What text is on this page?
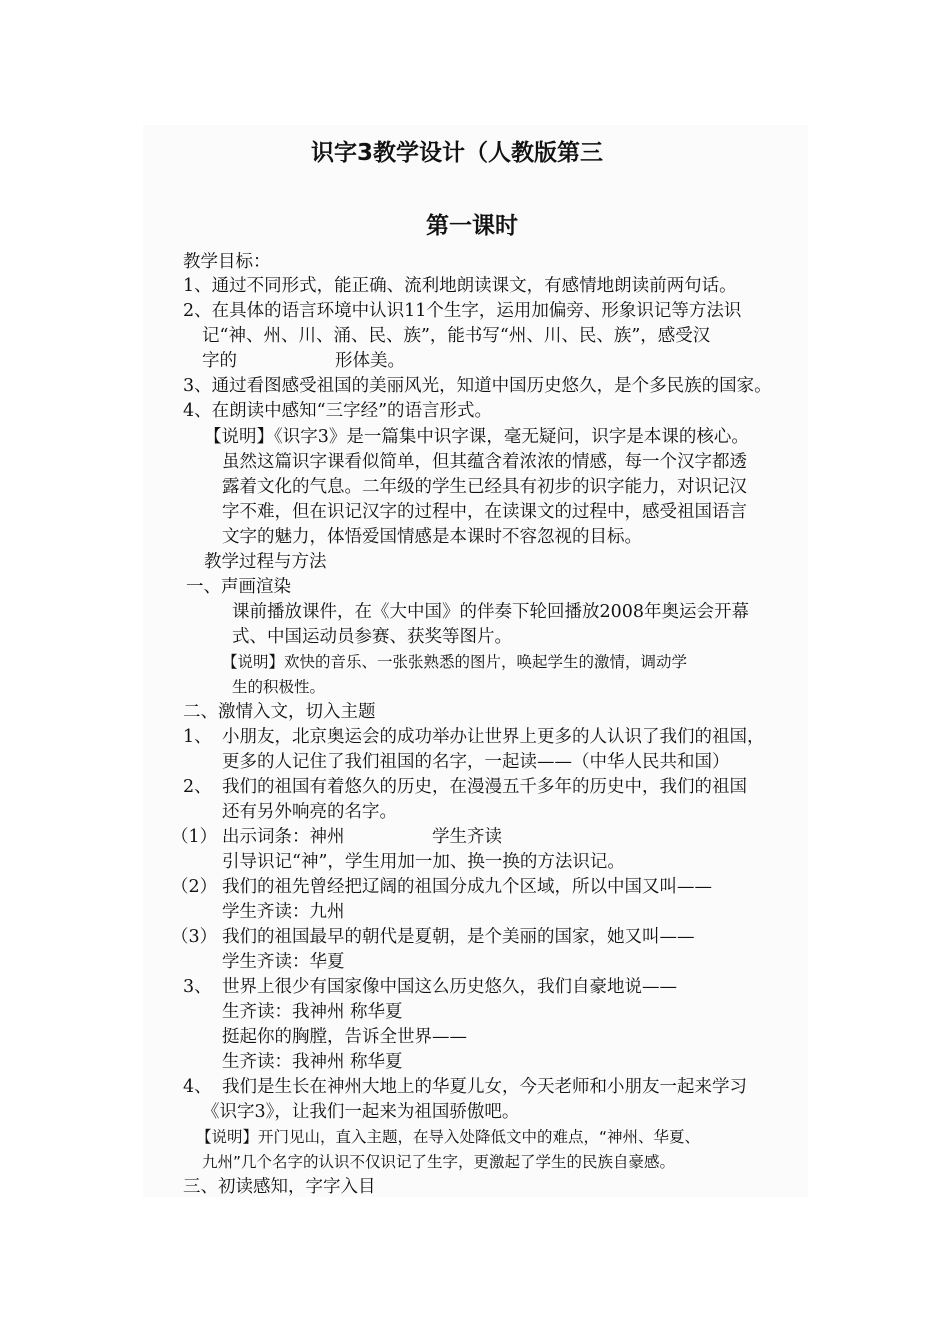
识字3教学设计（人教版第三
第一课时
教学目标：
1、通过不同形式，能正确、流利地朗读课文，有感情地朗读前两句话。
2、在具体的语言环境中认识11个生字，运用加偏旁、形象识记等方法识
记“神、州、川、涌、民、族”，能书写“州、川、民、族”，感受汉
字的	形体美。
3、通过看图感受祖国的美丽风光，知道中国历史悠久，是个多民族的国家。
4、在朗读中感知“三字经”的语言形式。
【说明】《识字3》是一篇集中识字课，毫无疑问，识字是本课的核心。
虽然这篇识字课看似简单，但其蕴含着浓浓的情感，每一个汉字都透
露着文化的气息。二年级的学生已经具有初步的识字能力，对识记汉
字不难，但在识记汉字的过程中，在读课文的过程中，感受祖国语言
文字的魅力，体悟爱国情感是本课时不容忽视的目标。
教学过程与方法
一、声画渲染
课前播放课件，在《大中国》的伴奏下轮回播放2008年奥运会开幕
式、中国运动员参赛、获奖等图片。
【说明】欢快的音乐、一张张熟悉的图片，唤起学生的激情，调动学
生的积极性。
二、激情入文，切入主题
1、 小朋友，北京奥运会的成功举办让世界上更多的人认识了我们的祖国，
更多的人记住了我们祖国的名字，一起读——（中华人民共和国）
2、 我们的祖国有着悠久的历史，在漫漫五千多年的历史中，我们的祖国
还有另外响亮的名字。
（1） 出示词条：神州	学生齐读
引导识记“神”，学生用加一加、换一换的方法识记。
（2） 我们的祖先曾经把辽阔的祖国分成九个区域，所以中国又叫——
学生齐读：九州
（3） 我们的祖国最早的朝代是夏朝，是个美丽的国家，她又叫——
学生齐读：华夏
3、 世界上很少有国家像中国这么历史悠久，我们自豪地说——
生齐读：我神州 称华夏
挺起你的胸膛，告诉全世界——
生齐读：我神州 称华夏
4、 我们是生长在神州大地上的华夏儿女，今天老师和小朋友一起来学习
《识字3》，让我们一起来为祖国骄傲吧。
【说明】开门见山，直入主题，在导入处降低文中的难点，“神州、华夏、
九州”几个名字的认识不仅识记了生字，更激起了学生的民族自豪感。
三、初读感知，字字入目
